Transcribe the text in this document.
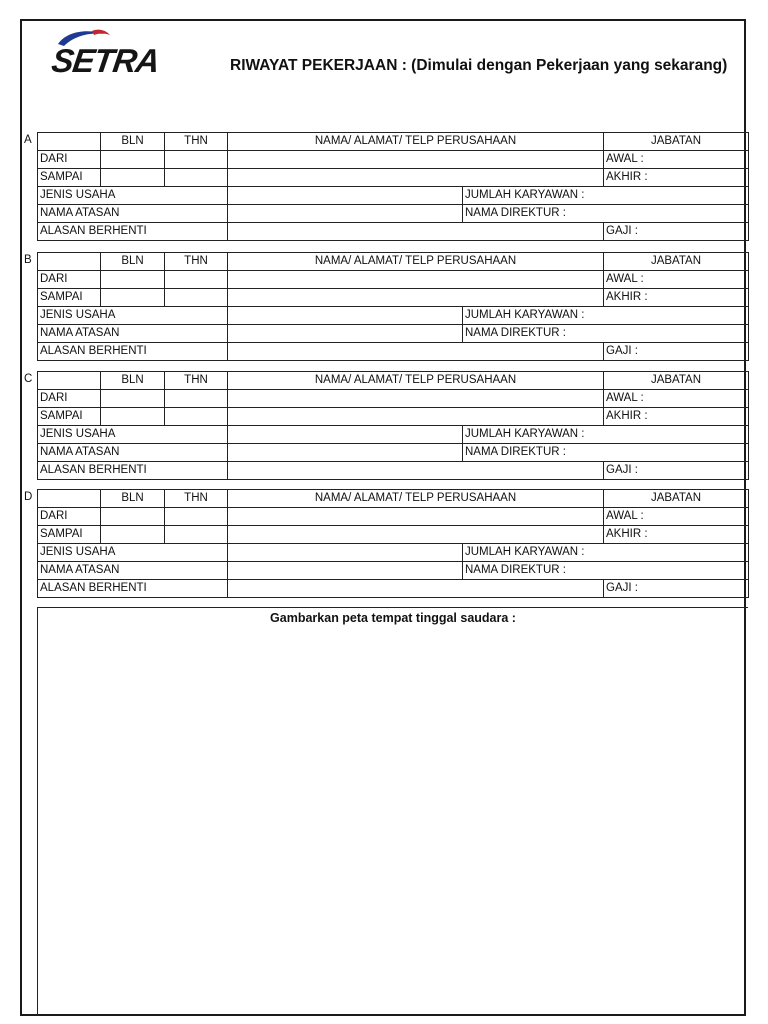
SETRA	RIWAYAT PEKERJAAN : (Dimulai dengan Pekerjaan yang sekarang)
A
		BLN	THN	NAMA/ ALAMAT/ TELP PERUSAHAAN		JABATAN
DARI					AWAL :
SAMPAI					AKHIR :
JENIS USAHA				JUMLAH KARYAWAN :	
NAMA ATASAN				NAMA DIREKTUR :	
ALASAN BERHENTI					GAJI :
B
		BLN	THN	NAMA/ ALAMAT/ TELP PERUSAHAAN		JABATAN
DARI					AWAL :
SAMPAI					AKHIR :
JENIS USAHA				JUMLAH KARYAWAN :	
NAMA ATASAN				NAMA DIREKTUR :	
ALASAN BERHENTI					GAJI :
C
		BLN	THN	NAMA/ ALAMAT/ TELP PERUSAHAAN		JABATAN
DARI					AWAL :
SAMPAI					AKHIR :
JENIS USAHA				JUMLAH KARYAWAN :	
NAMA ATASAN				NAMA DIREKTUR :	
ALASAN BERHENTI					GAJI :
D
		BLN	THN	NAMA/ ALAMAT/ TELP PERUSAHAAN		JABATAN
DARI					AWAL :
SAMPAI					AKHIR :
JENIS USAHA				JUMLAH KARYAWAN :	
NAMA ATASAN				NAMA DIREKTUR :	
ALASAN BERHENTI					GAJI :
Gambarkan peta tempat tinggal saudara :
